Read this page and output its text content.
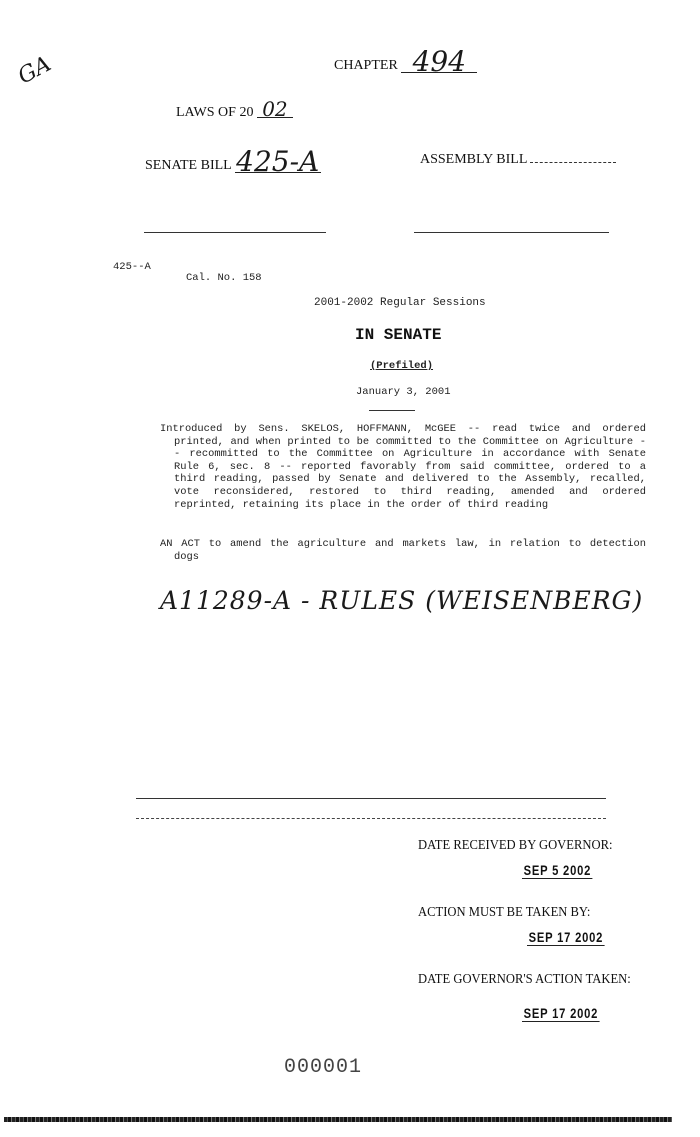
GA	CHAPTER 494
LAWS OF 20 02
SENATE BILL 425-A	ASSEMBLY BILL
425--A
Cal. No. 158
2001-2002 Regular Sessions
IN SENATE
(Prefiled)
January 3, 2001
Introduced by Sens. SKELOS, HOFFMANN, McGEE -- read twice and ordered printed, and when printed to be committed to the Committee on Agriculture -- recommitted to the Committee on Agriculture in accordance with Senate Rule 6, sec. 8 -- reported favorably from said committee, ordered to a third reading, passed by Senate and delivered to the Assembly, recalled, vote reconsidered, restored to third reading, amended and ordered reprinted, retaining its place in the order of third reading
AN ACT to amend the agriculture and markets law, in relation to detection dogs
A11289-A - RULES (WEISENBERG)
DATE RECEIVED BY GOVERNOR:
SEP 5 2002
ACTION MUST BE TAKEN BY:
SEP 17 2002
DATE GOVERNOR'S ACTION TAKEN:
SEP 17 2002
000001
